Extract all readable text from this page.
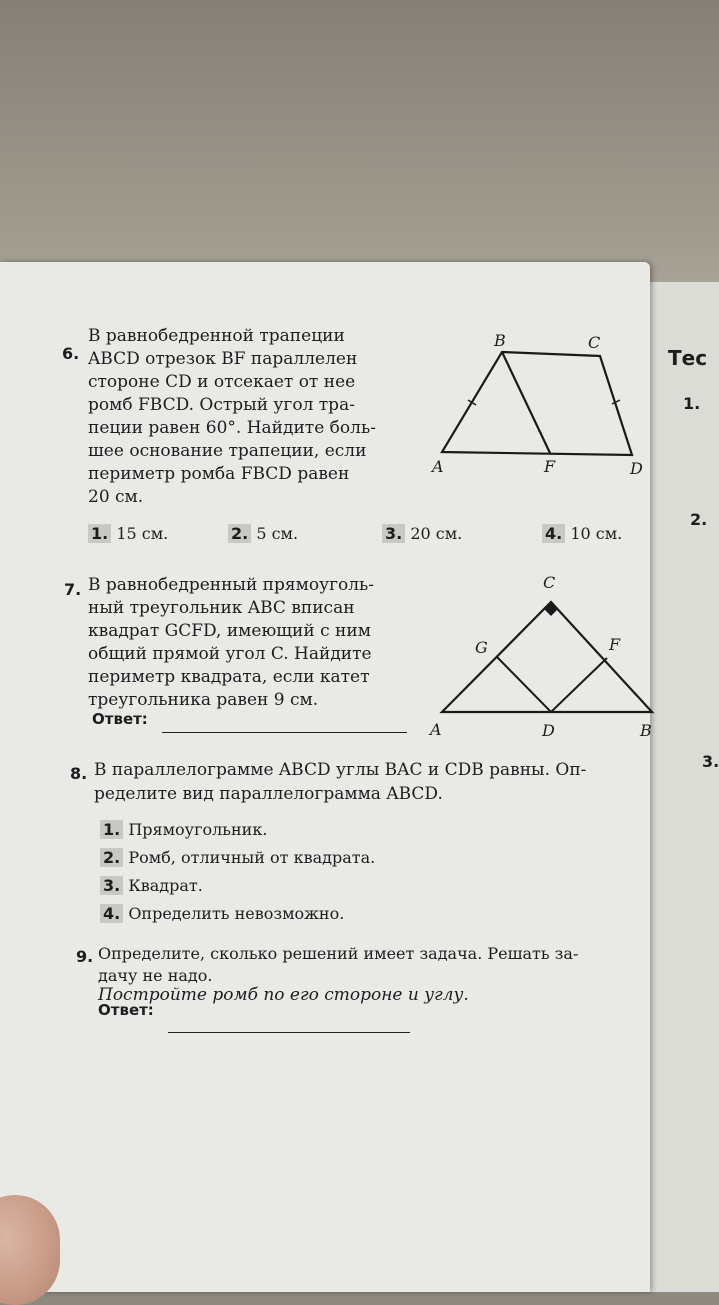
Тес
1.
2.
3.

6.
В равнобедренной трапеции
ABCD отрезок BF параллелен
стороне CD и отсекает от нее
ромб FBCD. Острый угол тра-
пеции равен 60°. Найдите боль-
шее основание трапеции, если
периметр ромба FBCD равен
20 см.
B	C
A	F	D
1. 15 см.	2. 5 см.	3. 20 см.	4. 10 см.
7. В равнобедренный прямоуголь-
ный треугольник ABC вписан
квадрат GCFD, имеющий с ним
общий прямой угол C. Найдите
периметр квадрата, если катет
треугольника равен 9 см.
Ответ:
C
G	F
A	D	B
8. В параллелограмме ABCD углы BAC и CDB равны. Оп-
ределите вид параллелограмма ABCD.
1. Прямоугольник.
2. Ромб, отличный от квадрата.
3. Квадрат.
4. Определить невозможно.
9. Определите, сколько решений имеет задача. Решать за-
дачу не надо.
Постройте ромб по его стороне и углу.
Ответ:
